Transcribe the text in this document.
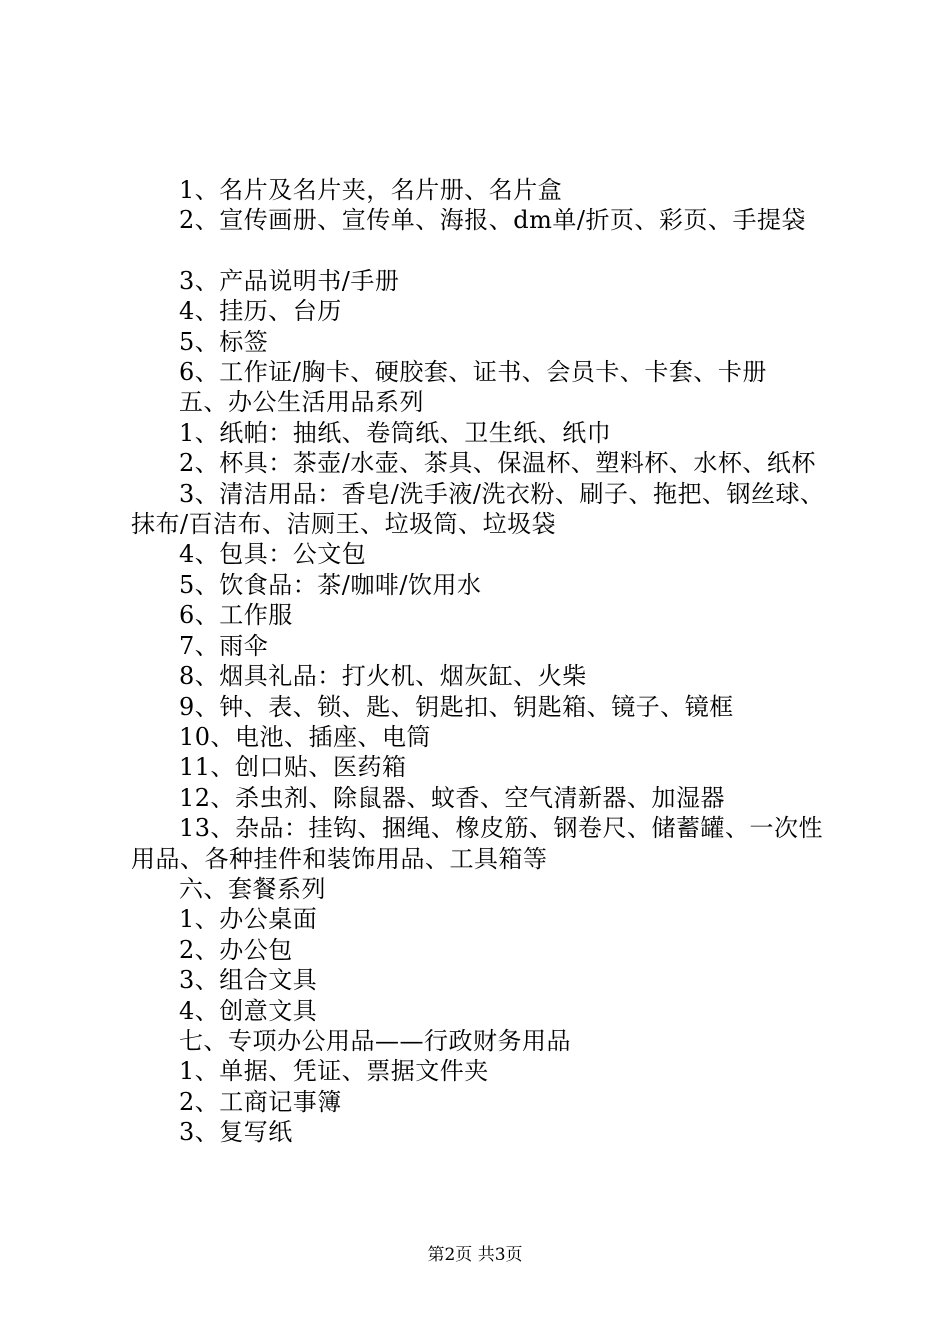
1、名片及名片夹，名片册、名片盒
2、宣传画册、宣传单、海报、dm单/折页、彩页、手提袋
3、产品说明书/手册
4、挂历、台历
5、标签
6、工作证/胸卡、硬胶套、证书、会员卡、卡套、卡册
五、办公生活用品系列
1、纸帕：抽纸、卷筒纸、卫生纸、纸巾
2、杯具：茶壶/水壶、茶具、保温杯、塑料杯、水杯、纸杯
3、清洁用品：香皂/洗手液/洗衣粉、刷子、拖把、钢丝球、抹布/百洁布、洁厕王、垃圾筒、垃圾袋
4、包具：公文包
5、饮食品：茶/咖啡/饮用水
6、工作服
7、雨伞
8、烟具礼品：打火机、烟灰缸、火柴
9、钟、表、锁、匙、钥匙扣、钥匙箱、镜子、镜框
10、电池、插座、电筒
11、创口贴、医药箱
12、杀虫剂、除鼠器、蚊香、空气清新器、加湿器
13、杂品：挂钩、捆绳、橡皮筋、钢卷尺、储蓄罐、一次性用品、各种挂件和装饰用品、工具箱等
六、套餐系列
1、办公桌面
2、办公包
3、组合文具
4、创意文具
七、专项办公用品——行政财务用品
1、单据、凭证、票据文件夹
2、工商记事簿
3、复写纸
第2页 共3页
